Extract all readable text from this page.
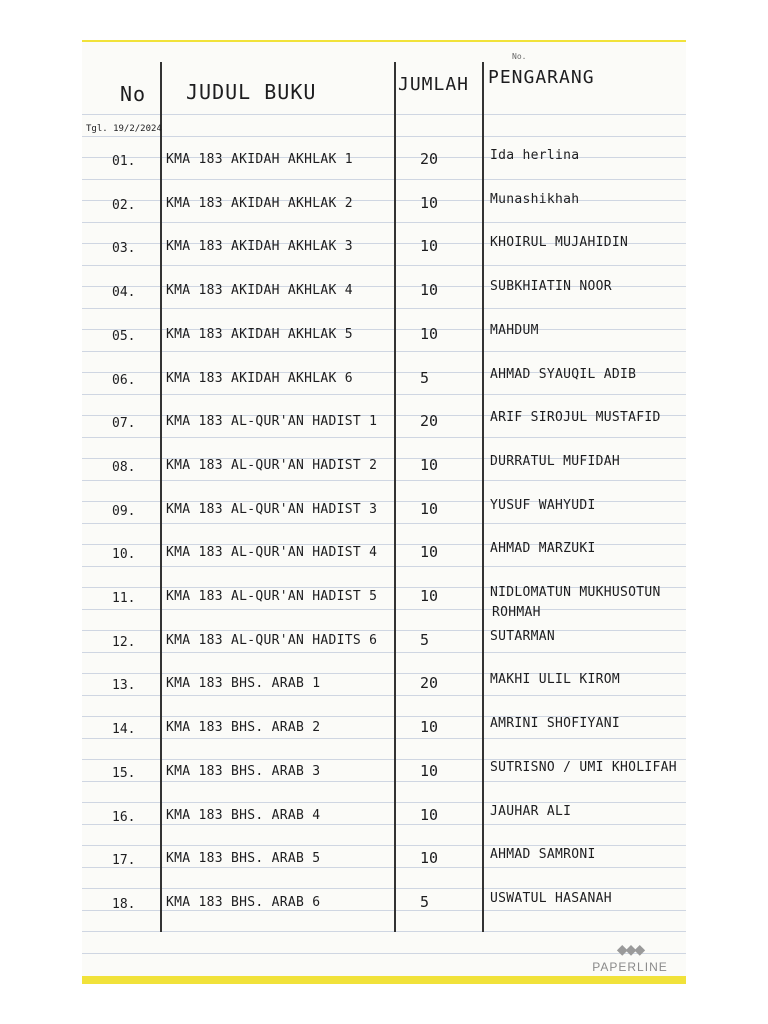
No.
No JUDUL BUKU	JUMLAH PENGARANG
Tgl. 19/2/2024
01. KMA 183 AKIDAH AKHLAK 1	20	Ida herlina
02. KMA 183 AKIDAH AKHLAK 2	10	Munashikhah
03. KMA 183 AKIDAH AKHLAK 3	10	KHOIRUL MUJAHIDIN
04. KMA 183 AKIDAH AKHLAK 4	10	SUBKHIATIN NOOR
05. KMA 183 AKIDAH AKHLAK 5	10	MAHDUM
06. KMA 183 AKIDAH AKHLAK 6	5	AHMAD SYAUQIL ADIB
07. KMA 183 AL-QUR'AN HADIST 1	20	ARIF SIROJUL MUSTAFID
08. KMA 183 AL-QUR'AN HADIST 2	10	DURRATUL MUFIDAH
09. KMA 183 AL-QUR'AN HADIST 3	10	YUSUF WAHYUDI
10. KMA 183 AL-QUR'AN HADIST 4	10	AHMAD MARZUKI
11. KMA 183 AL-QUR'AN HADIST 5	10	NIDLOMATUN MUKHUSOTUN
ROHMAH
12. KMA 183 AL-QUR'AN HADITS 6	5	SUTARMAN
13. KMA 183 BHS. ARAB 1	20	MAKHI ULIL KIROM
14. KMA 183 BHS. ARAB 2	10	AMRINI SHOFIYANI
15. KMA 183 BHS. ARAB 3	10	SUTRISNO / UMI KHOLIFAH
16. KMA 183 BHS. ARAB 4	10	JAUHAR ALI
17. KMA 183 BHS. ARAB 5	10	AHMAD SAMRONI
18. KMA 183 BHS. ARAB 6	5	USWATUL HASANAH
◆◆◆
PAPERLINE
